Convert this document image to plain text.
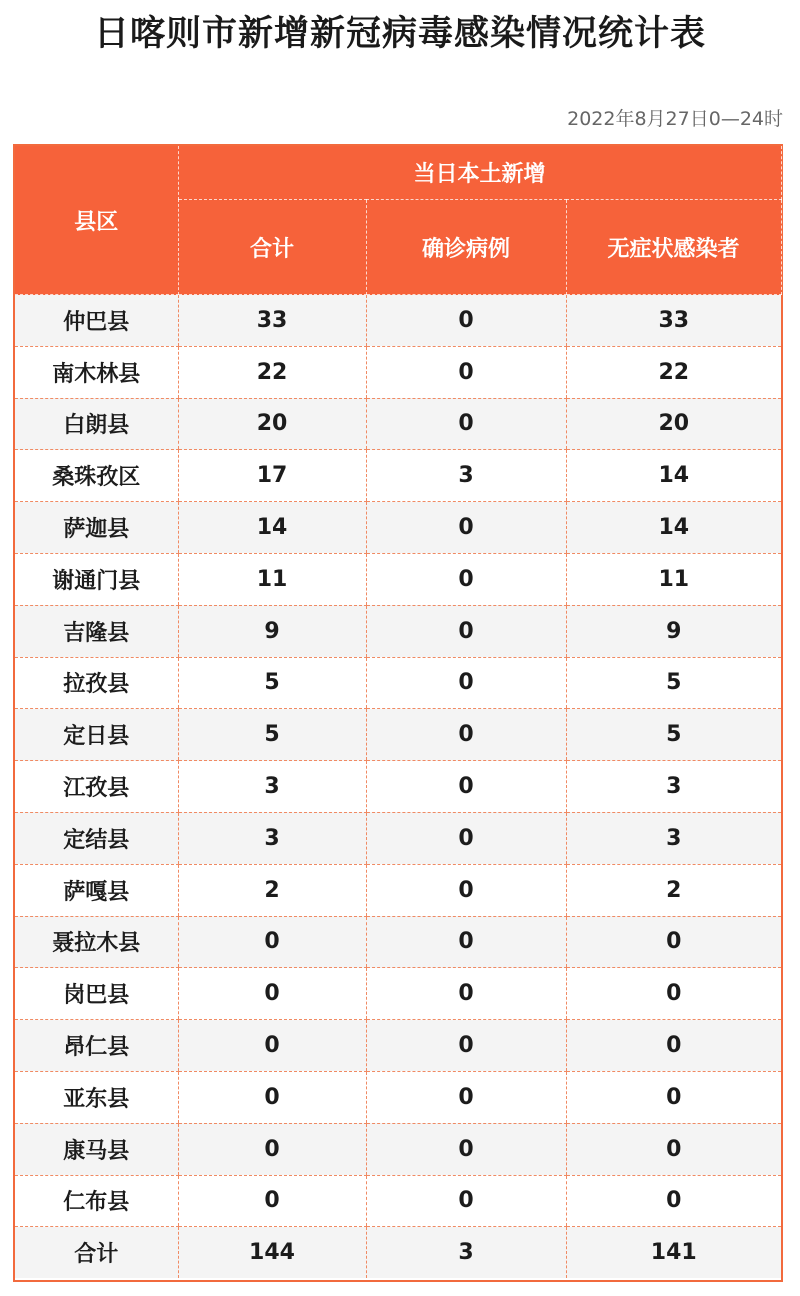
日喀则市新增新冠病毒感染情况统计表
2022年8月27日0—24时
县区	当日本土新增		
	合计	确诊病例	无症状感染者
仲巴县	33	0	33
南木林县	22	0	22
白朗县	20	0	20
桑珠孜区	17	3	14
萨迦县	14	0	14
谢通门县	11	0	11
吉隆县	9	0	9
拉孜县	5	0	5
定日县	5	0	5
江孜县	3	0	3
定结县	3	0	3
萨嘎县	2	0	2
聂拉木县	0	0	0
岗巴县	0	0	0
昂仁县	0	0	0
亚东县	0	0	0
康马县	0	0	0
仁布县	0	0	0
合计	144	3	141
